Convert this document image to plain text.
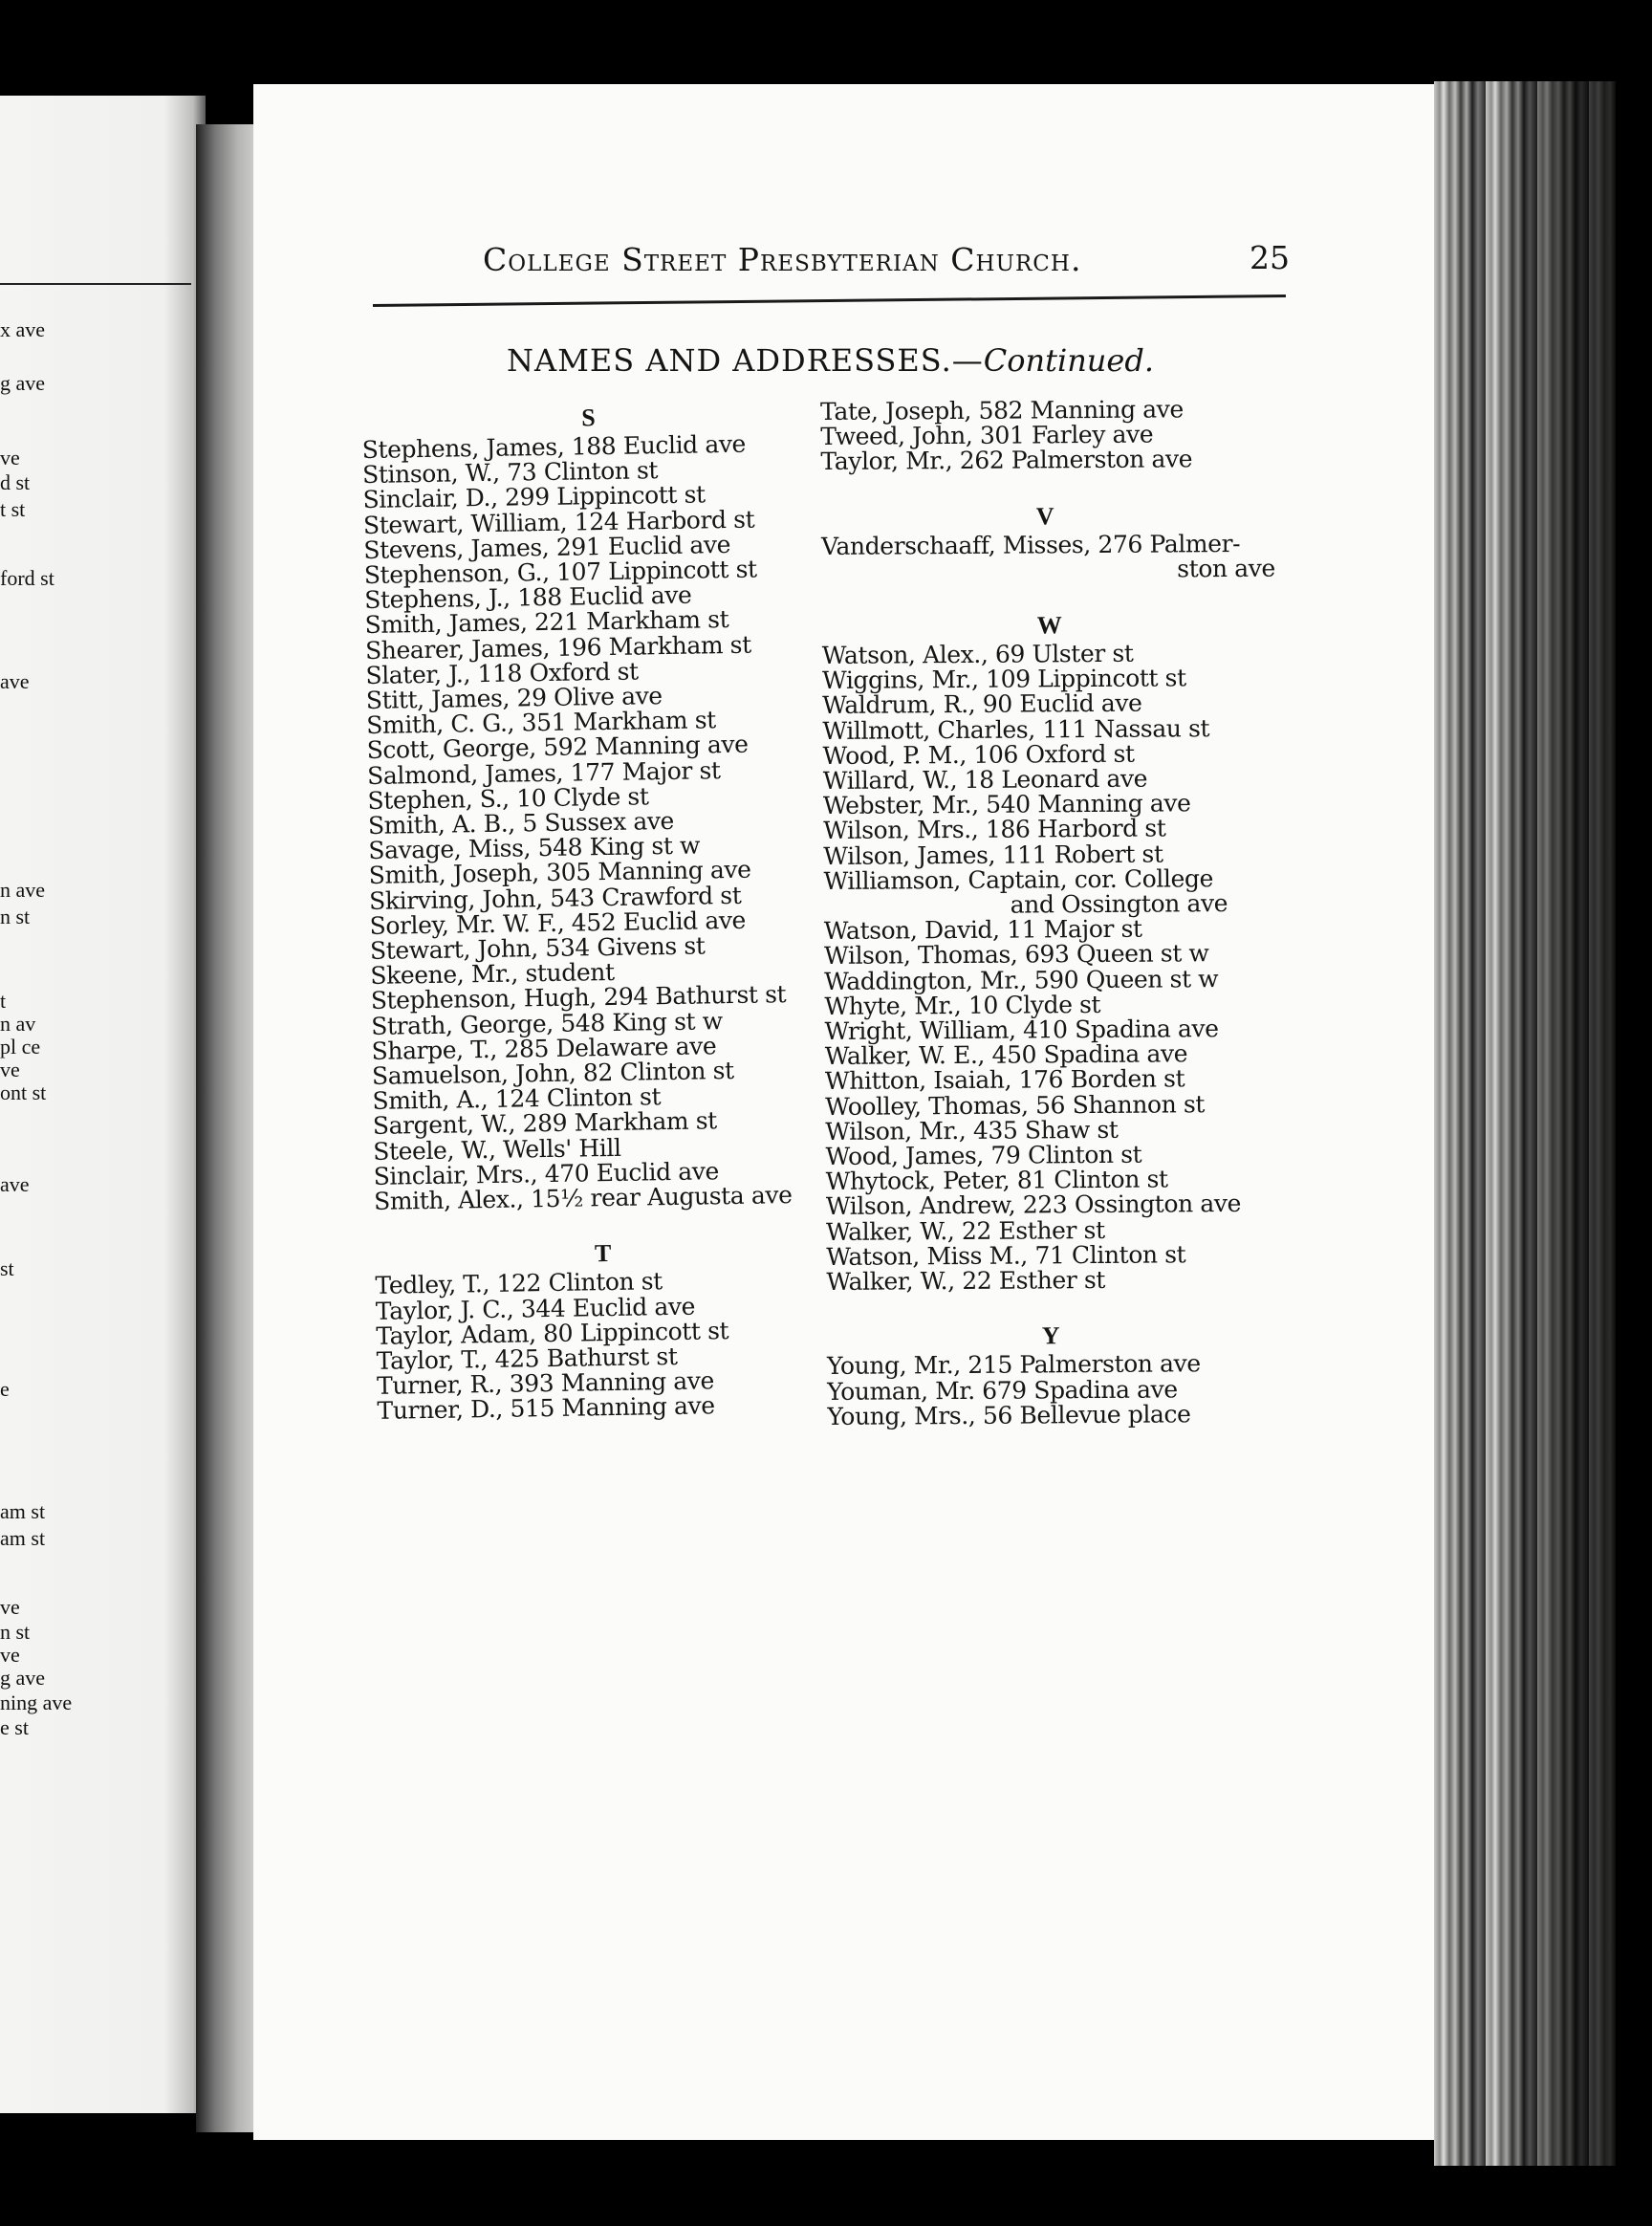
x ave
g ave
ve
d st
t st
ford st
ave
n ave
n st
t
n av
pl ce
ve
ont st
ave
st
e
am st
am st
ve
n st
ve
g ave
ning ave
e st
College Street Presbyterian Church.	25
NAMES AND ADDRESSES.—Continued.
S
Stephens, James, 188 Euclid ave
Stinson, W., 73 Clinton st
Sinclair, D., 299 Lippincott st
Stewart, William, 124 Harbord st
Stevens, James, 291 Euclid ave
Stephenson, G., 107 Lippincott st
Stephens, J., 188 Euclid ave
Smith, James, 221 Markham st
Shearer, James, 196 Markham st
Slater, J., 118 Oxford st
Stitt, James, 29 Olive ave
Smith, C. G., 351 Markham st
Scott, George, 592 Manning ave
Salmond, James, 177 Major st
Stephen, S., 10 Clyde st
Smith, A. B., 5 Sussex ave
Savage, Miss, 548 King st w
Smith, Joseph, 305 Manning ave
Skirving, John, 543 Crawford st
Sorley, Mr. W. F., 452 Euclid ave
Stewart, John, 534 Givens st
Skeene, Mr., student
Stephenson, Hugh, 294 Bathurst st
Strath, George, 548 King st w
Sharpe, T., 285 Delaware ave
Samuelson, John, 82 Clinton st
Smith, A., 124 Clinton st
Sargent, W., 289 Markham st
Steele, W., Wells' Hill
Sinclair, Mrs., 470 Euclid ave
Smith, Alex., 15½ rear Augusta ave
T
Tedley, T., 122 Clinton st
Taylor, J. C., 344 Euclid ave
Taylor, Adam, 80 Lippincott st
Taylor, T., 425 Bathurst st
Turner, R., 393 Manning ave
Turner, D., 515 Manning ave
Tate, Joseph, 582 Manning ave
Tweed, John, 301 Farley ave
Taylor, Mr., 262 Palmerston ave
V
Vanderschaaff, Misses, 276 Palmer-
ston ave
W
Watson, Alex., 69 Ulster st
Wiggins, Mr., 109 Lippincott st
Waldrum, R., 90 Euclid ave
Willmott, Charles, 111 Nassau st
Wood, P. M., 106 Oxford st
Willard, W., 18 Leonard ave
Webster, Mr., 540 Manning ave
Wilson, Mrs., 186 Harbord st
Wilson, James, 111 Robert st
Williamson, Captain, cor. College
and Ossington ave
Watson, David, 11 Major st
Wilson, Thomas, 693 Queen st w
Waddington, Mr., 590 Queen st w
Whyte, Mr., 10 Clyde st
Wright, William, 410 Spadina ave
Walker, W. E., 450 Spadina ave
Whitton, Isaiah, 176 Borden st
Woolley, Thomas, 56 Shannon st
Wilson, Mr., 435 Shaw st
Wood, James, 79 Clinton st
Whytock, Peter, 81 Clinton st
Wilson, Andrew, 223 Ossington ave
Walker, W., 22 Esther st
Watson, Miss M., 71 Clinton st
Walker, W., 22 Esther st
Y
Young, Mr., 215 Palmerston ave
Youman, Mr. 679 Spadina ave
Young, Mrs., 56 Bellevue place
